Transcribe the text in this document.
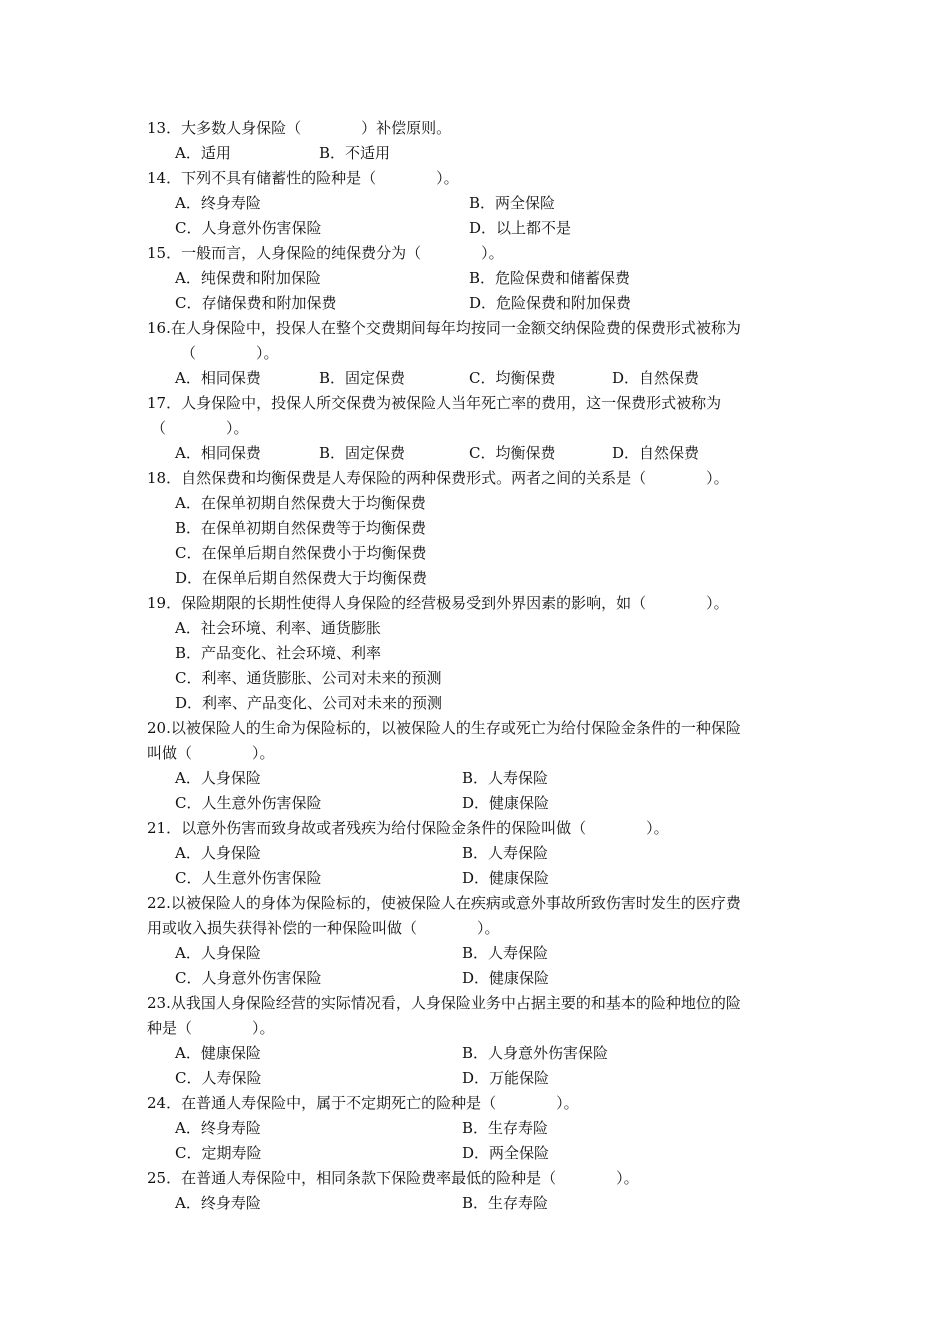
13．大多数人身保险（　　　　）补偿原则。
A．适用	B．不适用
14．下列不具有储蓄性的险种是（　　　　）。
A．终身寿险	B．两全保险
C．人身意外伤害保险	D．以上都不是
15．一般而言，人身保险的纯保费分为（　　　　）。
A．纯保费和附加保险	B．危险保费和储蓄保费
C．存储保费和附加保费	D．危险保费和附加保费
16.在人身保险中，投保人在整个交费期间每年均按同一金额交纳保险费的保费形式被称为
（　　　　）。
A．相同保费	B．固定保费	C．均衡保费	D．自然保费
17．人身保险中，投保人所交保费为被保险人当年死亡率的费用，这一保费形式被称为
（　　　　）。
A．相同保费	B．固定保费	C．均衡保费	D．自然保费
18．自然保费和均衡保费是人寿保险的两种保费形式。两者之间的关系是（　　　　）。
A．在保单初期自然保费大于均衡保费
B．在保单初期自然保费等于均衡保费
C．在保单后期自然保费小于均衡保费
D．在保单后期自然保费大于均衡保费
19．保险期限的长期性使得人身保险的经营极易受到外界因素的影响，如（　　　　）。
A．社会环境、利率、通货膨胀
B．产品变化、社会环境、利率
C．利率、通货膨胀、公司对未来的预测
D．利率、产品变化、公司对未来的预测
20.以被保险人的生命为保险标的，以被保险人的生存或死亡为给付保险金条件的一种保险
叫做（　　　　）。
A．人身保险	B．人寿保险
C．人生意外伤害保险	D．健康保险
21．以意外伤害而致身故或者残疾为给付保险金条件的保险叫做（　　　　）。
A．人身保险	B．人寿保险
C．人生意外伤害保险	D．健康保险
22.以被保险人的身体为保险标的，使被保险人在疾病或意外事故所致伤害时发生的医疗费
用或收入损失获得补偿的一种保险叫做（　　　　）。
A．人身保险	B．人寿保险
C．人身意外伤害保险	D．健康保险
23.从我国人身保险经营的实际情况看，人身保险业务中占据主要的和基本的险种地位的险
种是（　　　　）。
A．健康保险	B．人身意外伤害保险
C．人寿保险	D．万能保险
24．在普通人寿保险中，属于不定期死亡的险种是（　　　　）。
A．终身寿险	B．生存寿险
C．定期寿险	D．两全保险
25．在普通人寿保险中，相同条款下保险费率最低的险种是（　　　　）。
A．终身寿险	B．生存寿险
